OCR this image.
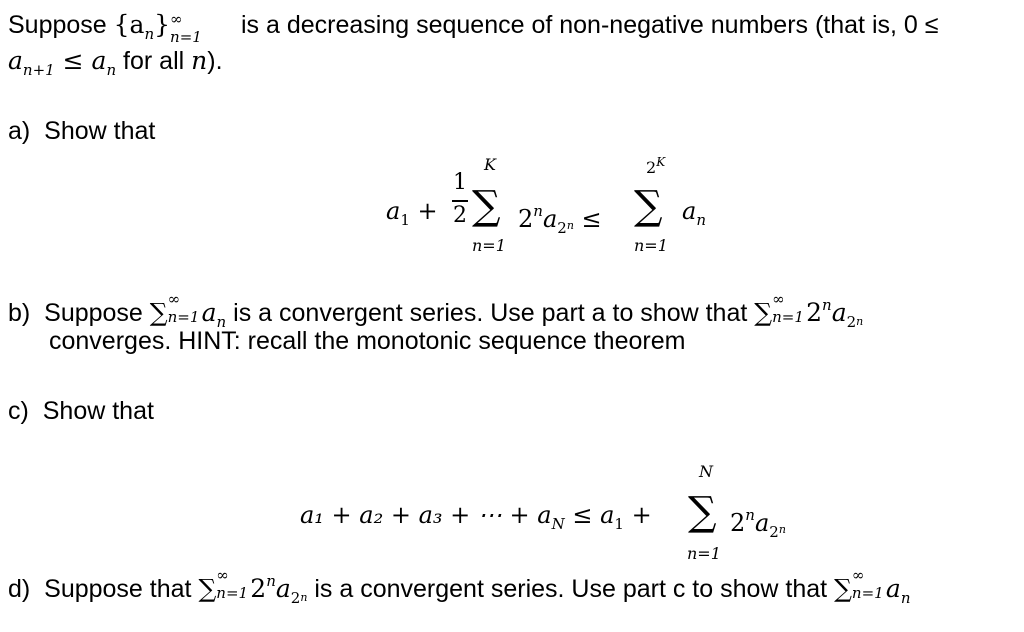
Suppose $\{a_n\}$ ∞
n=1 is a decreasing sequence of non-negative numbers (that is, 0 ≤
$a_{n+1} \le a_n$ for all n).
a) Show that
$a_1$ +
1
2
K
∑
n=1
$2^na_2n$ ≤
$2^K$
∑
n=1
$a_n$
b) Suppose ∑ ∞
n=1 $a_n$ is a convergent series. Use part a to show that ∑ ∞
n=1 $2^na_2n$
converges. HINT: recall the monotonic sequence theorem
c) Show that
a₁ + a₂ + a₃ + ⋯ + $a_N \le a_1$ +
N
∑
n=1
$2^na_2n$
d) Suppose that ∑ ∞
n=1 $2^na_2n$ is a convergent series. Use part c to show that ∑ ∞
n=1 $a_n$
